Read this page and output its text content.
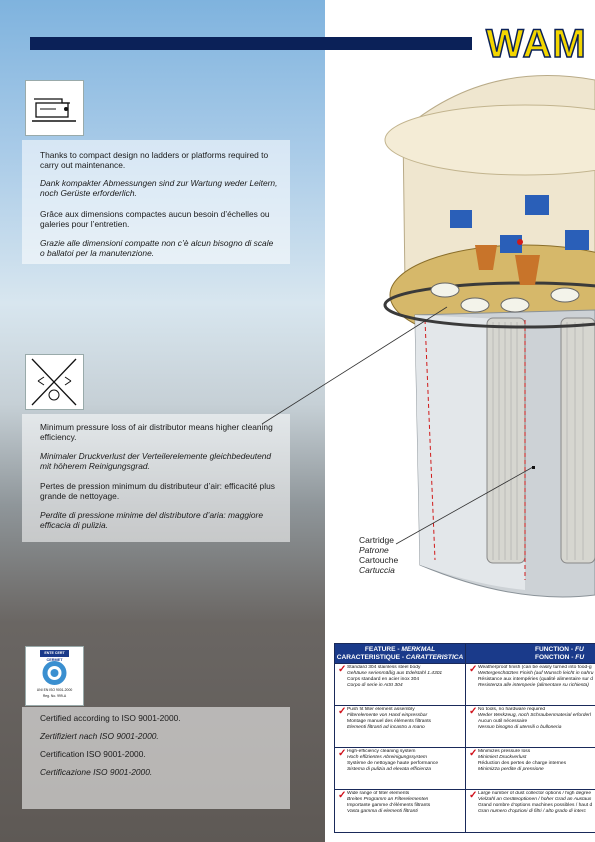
WAM

Thanks to compact design no ladders or platforms required to carry out maintenance.

Dank kompakter Abmessungen sind zur Wartung weder Leitern, noch Gerüste erforderlich.

Grâce aux dimensions compactes aucun besoin d’échelles ou galeries pour l’entretien.

Grazie alle dimensioni compatte non c’è alcun bisogno di scale o ballatoi per la manutenzione.

Minimum pressure loss of air distributor means higher cleaning efficiency.

Minimaler Druckverlust der Verteilerelemente gleichbedeutend mit höherem Reinigungsgrad.

Pertes de pression minimum du distributeur d’air: efficacité plus grande de nettoyage.

Perdite di pressione minime del distributore d’aria: maggiore efficacia di pulizia.

ENTE CERT
CERMET
UNI EN ISO 9001-2000
Reg. No. 999-A

Certified according to ISO 9001-2000.

Zertifiziert nach ISO 9001-2000.

Certification ISO 9001-2000.

Certificazione ISO 9001-2000.

Cartridge
Patrone
Cartouche
Cartuccia
FEATURE - MERKMAL
CARACTERISTIQUE - CARATTERISTICA
FUNCTION - FU
FONCTION - FU
✓ Standard 304 stainless steel body
Gehäuse serienmäßig aus Edelstahl 1.4301
Corps standard en acier inox 304
Corpo di serie in AISI 304
✓ Weatherproof finish (can be easily turned into food-g
Wettergeschütztes Finish (auf Wunsch leicht in nahru
Résistance aux intempéries (qualité alimentaire sur d
Resistenza alle intemperie (alimentare su richiesta)
✓ Push fit filter element assembly
Filterelemente von Hand einpressbar
Montage manuel des éléments filtrants
Elementi filtranti ad incastro a mano
✓ No tools, no hardware required
Weder Werkzeug, noch Schraubenmaterial erforderl
Aucun outil nécessaire
Nessun bisogno di utensili o bulloneria
✓ High-efficiency cleaning system
Hoch effizientes Abreinigungssystem
Système de nettoyage haute performance
Sistema di pulizia ad elevata efficienza
✓ Minimizes pressure loss
Minimiert Druckverlust
Réduction des pertes de charge internes
Minimizza perdite di pressione
✓ Wide range of filter elements
Breites Programm an Filterelementen
Importante gamme d’éléments filtrants
Vasta gamma di elementi filtranti
✓ Large number of dust collector options / high degree
Vielzahl an Geräteoptionen / hoher Grad an Austaus
Grand nombre d’options machines possibles / haut d
Gran numero d’opzioni di filtri / alto grado di interc
